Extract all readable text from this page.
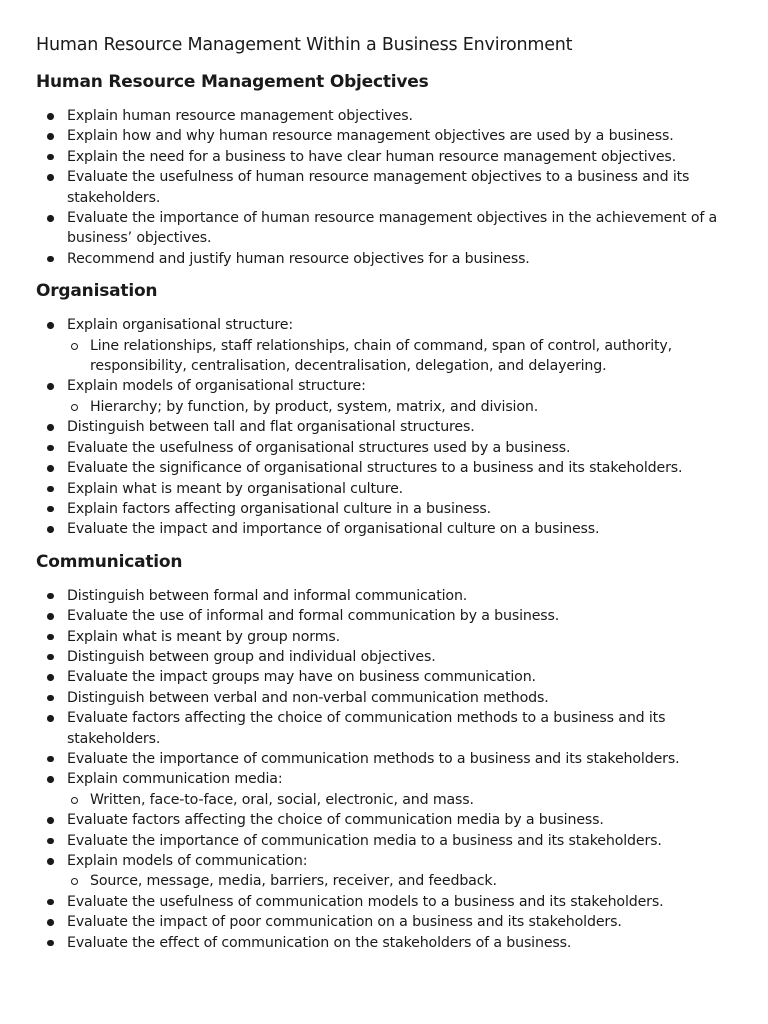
Human Resource Management Within a Business Environment
Human Resource Management Objectives
Explain human resource management objectives.
Explain how and why human resource management objectives are used by a business.
Explain the need for a business to have clear human resource management objectives.
Evaluate the usefulness of human resource management objectives to a business and its stakeholders.
Evaluate the importance of human resource management objectives in the achievement of a business’ objectives.
Recommend and justify human resource objectives for a business.
Organisation
Explain organisational structure:
Line relationships, staff relationships, chain of command, span of control, authority, responsibility, centralisation, decentralisation, delegation, and delayering.
Explain models of organisational structure:
Hierarchy; by function, by product, system, matrix, and division.
Distinguish between tall and flat organisational structures.
Evaluate the usefulness of organisational structures used by a business.
Evaluate the significance of organisational structures to a business and its stakeholders.
Explain what is meant by organisational culture.
Explain factors affecting organisational culture in a business.
Evaluate the impact and importance of organisational culture on a business.
Communication
Distinguish between formal and informal communication.
Evaluate the use of informal and formal communication by a business.
Explain what is meant by group norms.
Distinguish between group and individual objectives.
Evaluate the impact groups may have on business communication.
Distinguish between verbal and non-verbal communication methods.
Evaluate factors affecting the choice of communication methods to a business and its stakeholders.
Evaluate the importance of communication methods to a business and its stakeholders.
Explain communication media:
Written, face-to-face, oral, social, electronic, and mass.
Evaluate factors affecting the choice of communication media by a business.
Evaluate the importance of communication media to a business and its stakeholders.
Explain models of communication:
Source, message, media, barriers, receiver, and feedback.
Evaluate the usefulness of communication models to a business and its stakeholders.
Evaluate the impact of poor communication on a business and its stakeholders.
Evaluate the effect of communication on the stakeholders of a business.
